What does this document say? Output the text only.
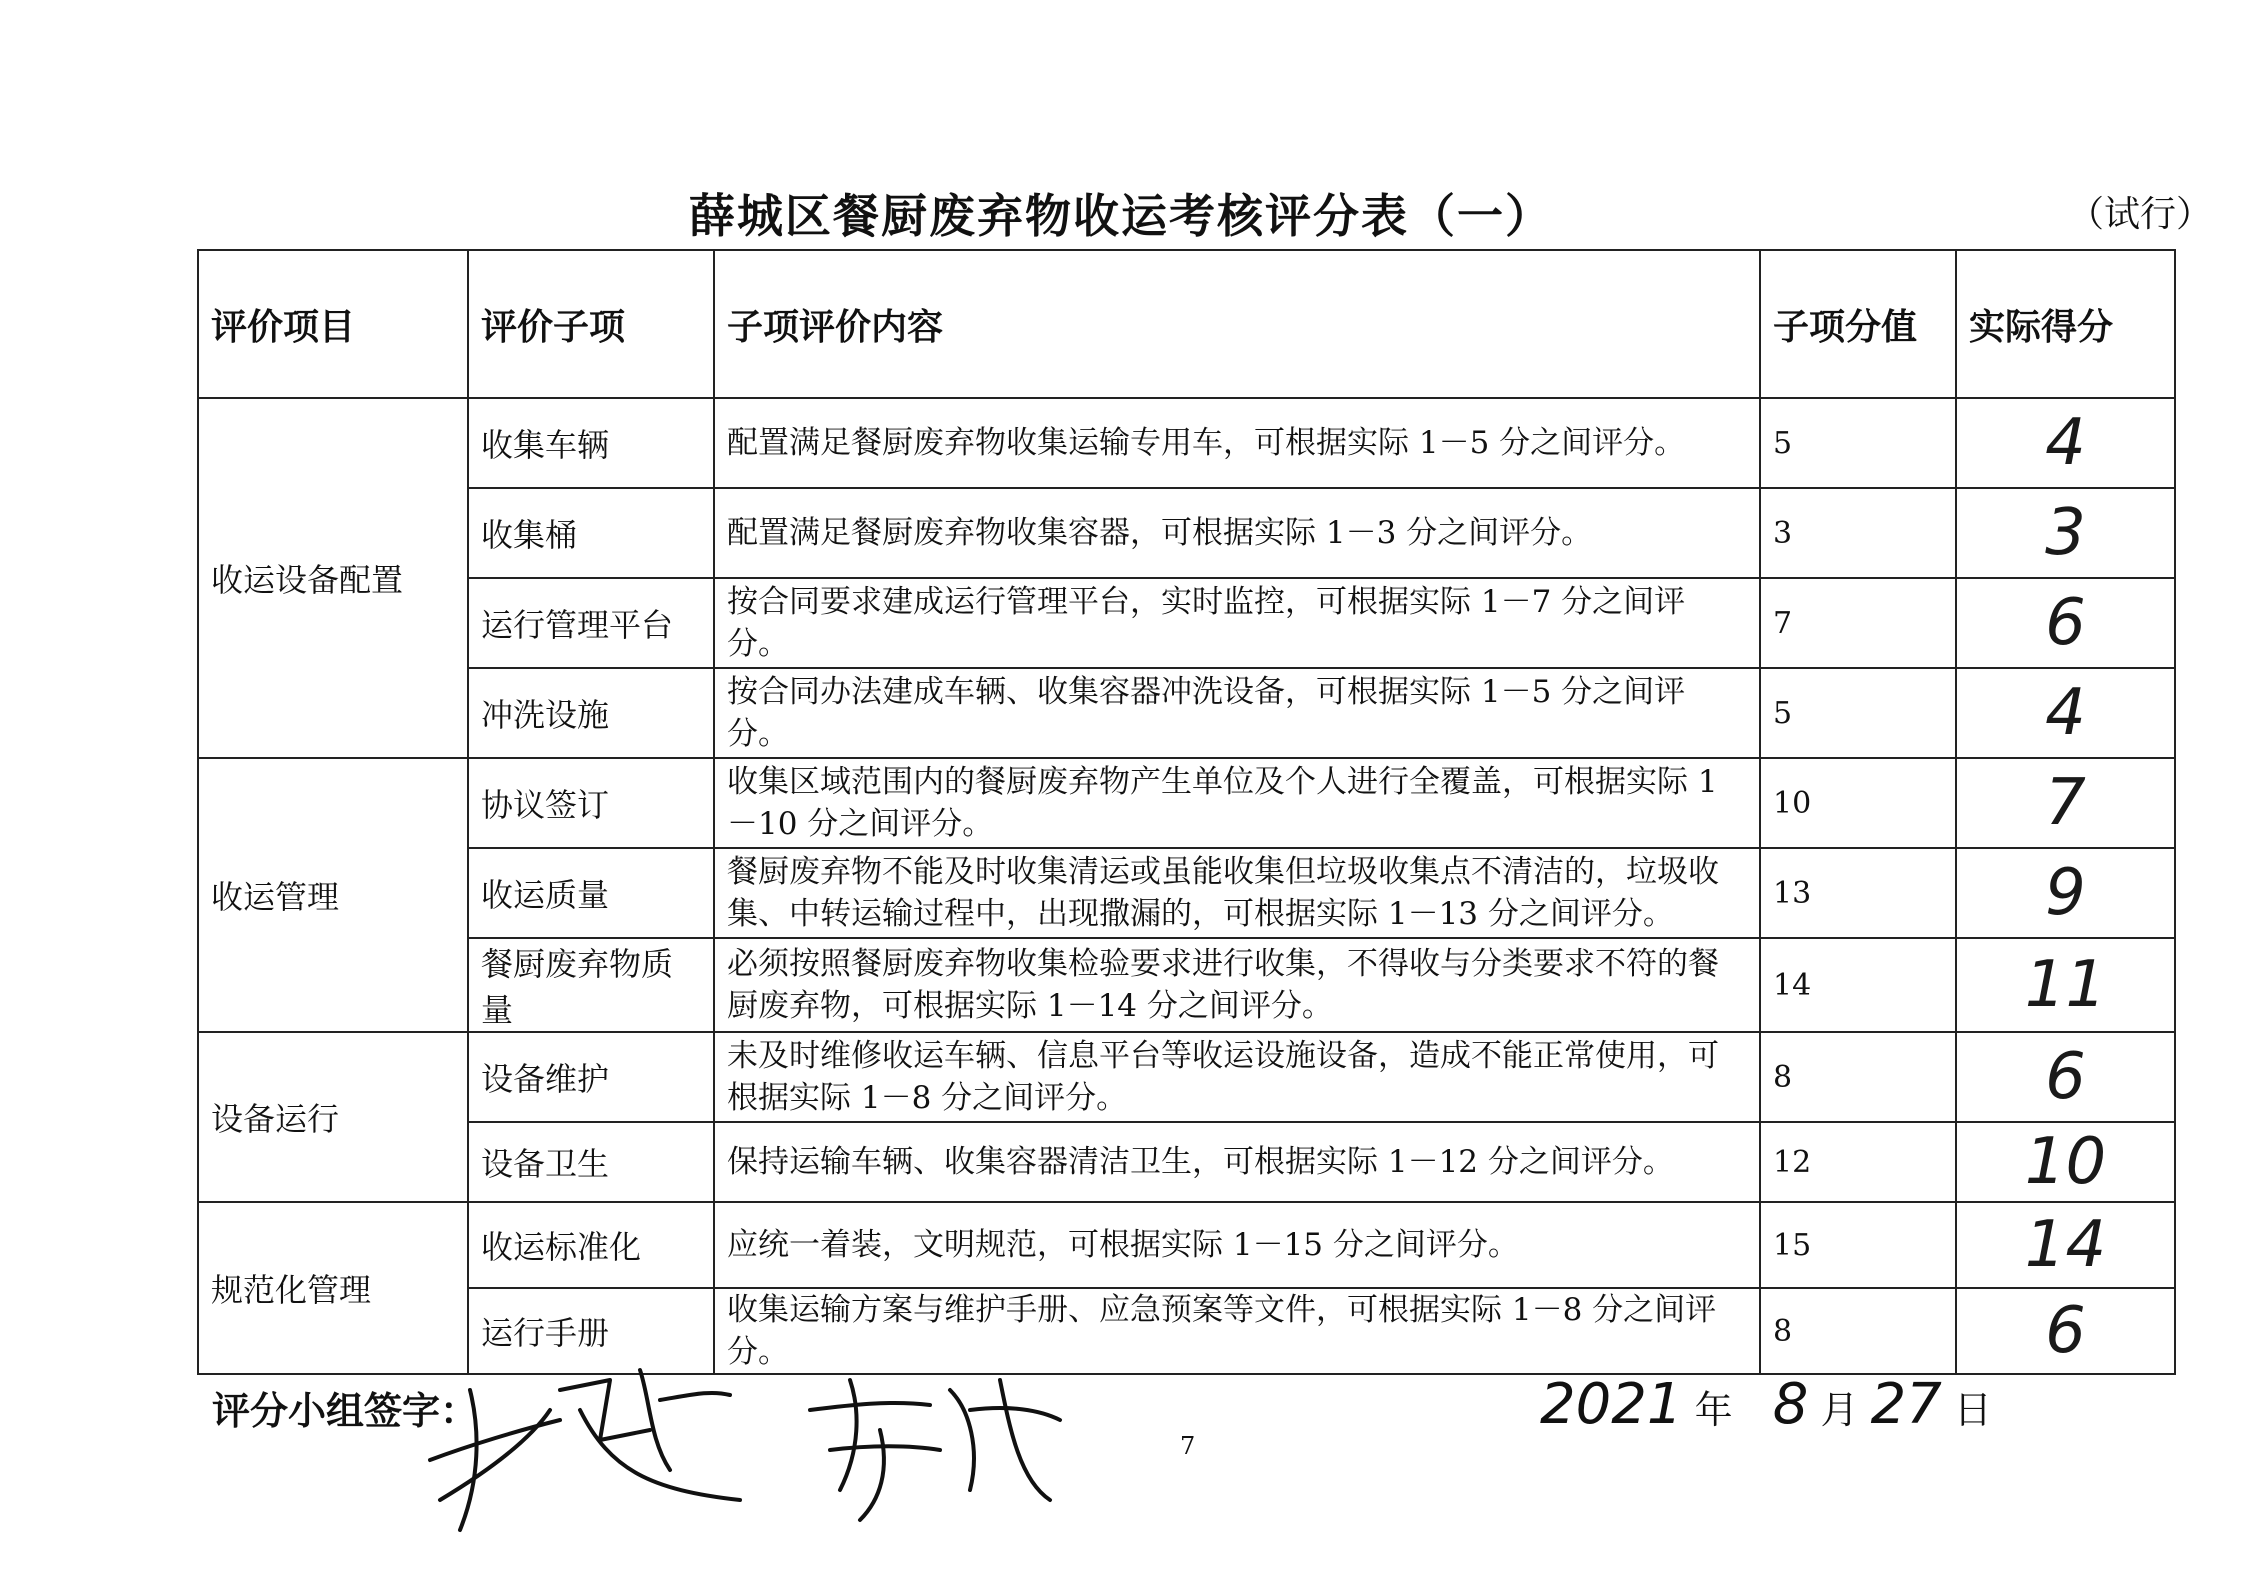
薛城区餐厨废弃物收运考核评分表（一）	（试行）
评价项目	评价子项	子项评价内容	子项分值	实际得分
收运设备配置	收集车辆	配置满足餐厨废弃物收集运输专用车，可根据实际 1－5 分之间评分。	5	4
	收集桶	配置满足餐厨废弃物收集容器，可根据实际 1－3 分之间评分。	3	3
	运行管理平台	按合同要求建成运行管理平台，实时监控，可根据实际 1－7 分之间评分。	7	6
	冲洗设施	按合同办法建成车辆、收集容器冲洗设备，可根据实际 1－5 分之间评分。	5	4
收运管理	协议签订	收集区域范围内的餐厨废弃物产生单位及个人进行全覆盖，可根据实际 1－10 分之间评分。	10	7
	收运质量	餐厨废弃物不能及时收集清运或虽能收集但垃圾收集点不清洁的，垃圾收集、中转运输过程中，出现撒漏的，可根据实际 1－13 分之间评分。	13	9
	餐厨废弃物质量	必须按照餐厨废弃物收集检验要求进行收集，不得收与分类要求不符的餐厨废弃物，可根据实际 1－14 分之间评分。	14	11
设备运行	设备维护	未及时维修收运车辆、信息平台等收运设施设备，造成不能正常使用，可根据实际 1－8 分之间评分。	8	6
	设备卫生	保持运输车辆、收集容器清洁卫生，可根据实际 1－12 分之间评分。	12	10
规范化管理	收运标准化	应统一着装，文明规范，可根据实际 1－15 分之间评分。	15	14
	运行手册	收集运输方案与维护手册、应急预案等文件，可根据实际 1－8 分之间评分。	8	6
评分小组签字：
7
2021 年 8 月 27 日
